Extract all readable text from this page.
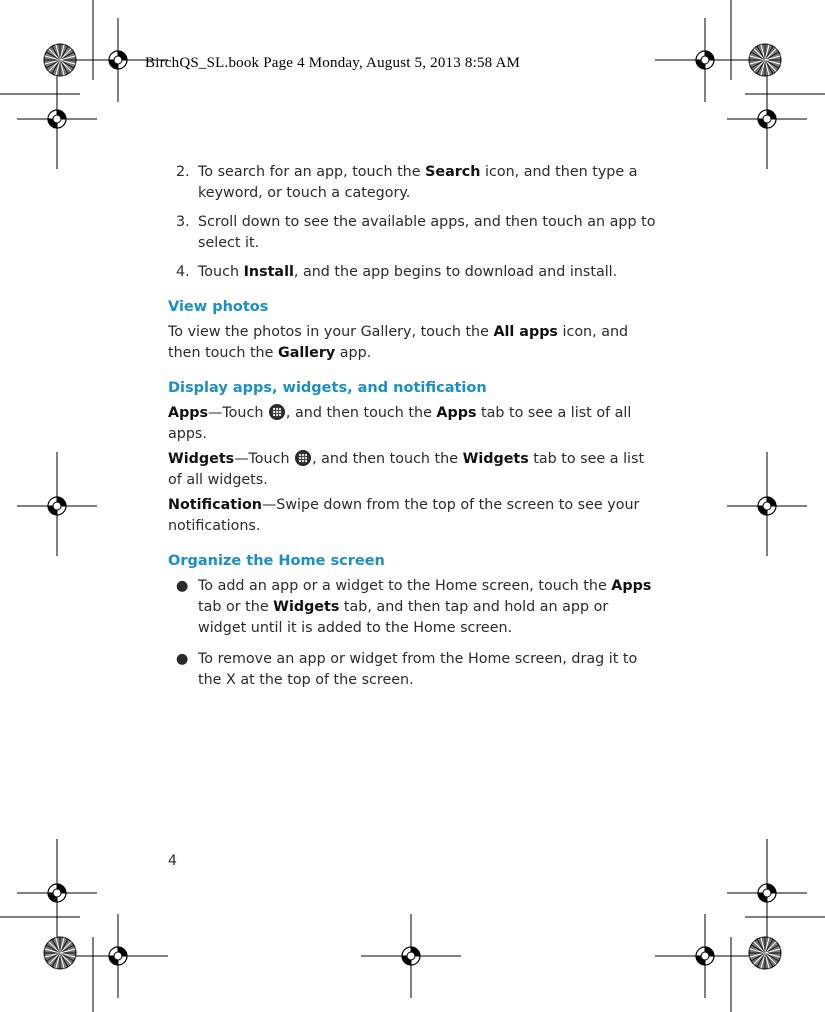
BirchQS_SL.book Page 4 Monday, August 5, 2013 8:58 AM
2. To search for an app, touch the Search icon, and then type a keyword, or touch a category.
3. Scroll down to see the available apps, and then touch an app to select it.
4. Touch Install, and the app begins to download and install.
View photos

To view the photos in your Gallery, touch the All apps icon, and then touch the Gallery app.

Display apps, widgets, and notification

Apps—Touch , and then touch the Apps tab to see a list of all apps.

Widgets—Touch , and then touch the Widgets tab to see a list of all widgets.

Notification—Swipe down from the top of the screen to see your notifications.

Organize the Home screen
● To add an app or a widget to the Home screen, touch the Apps tab or the Widgets tab, and then tap and hold an app or widget until it is added to the Home screen.
● To remove an app or widget from the Home screen, drag it to the X at the top of the screen.
4
